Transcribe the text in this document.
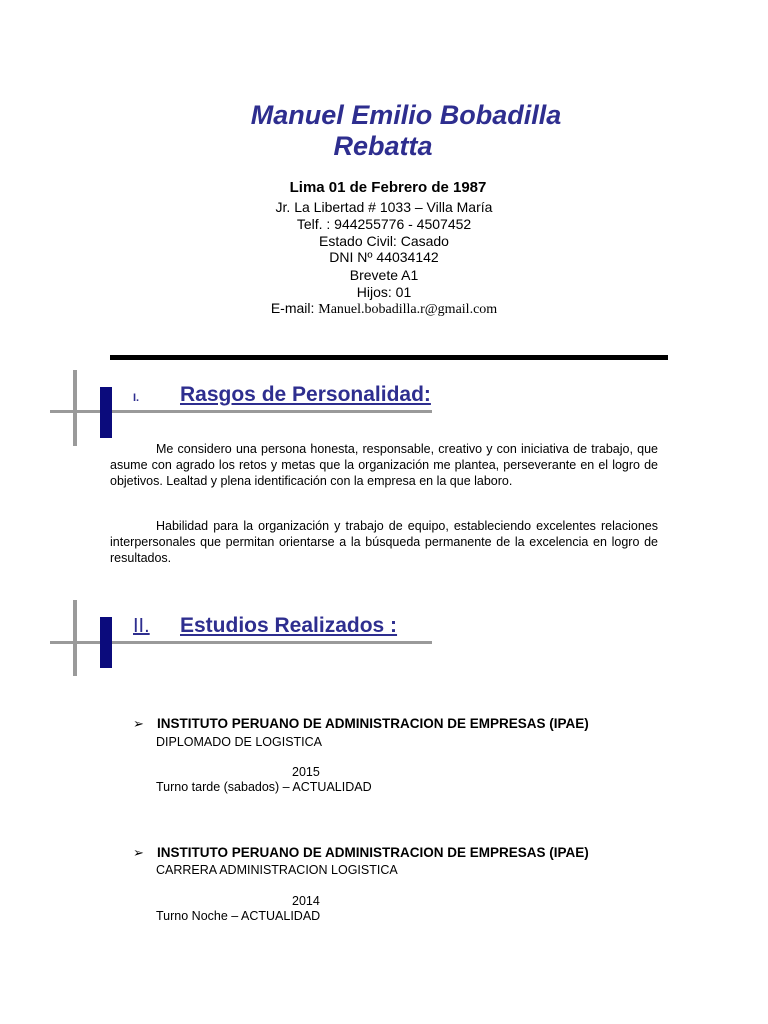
Manuel Emilio Bobadilla
Rebatta
Lima 01 de Febrero de 1987
Jr. La Libertad # 1033 – Villa María
Telf. : 944255776 - 4507452
Estado Civil: Casado
DNI Nº 44034142
Brevete A1
Hijos: 01
E-mail: Manuel.bobadilla.r@gmail.com
I. Rasgos de Personalidad:

Me considero una persona honesta, responsable, creativo y con iniciativa de trabajo, que asume con agrado los retos y metas que la organización me plantea, perseverante en el logro de objetivos. Lealtad y plena identificación con la empresa en la que laboro.

Habilidad para la organización y trabajo de equipo, estableciendo excelentes relaciones interpersonales que permitan orientarse a la búsqueda permanente de la excelencia en logro de resultados.

II. Estudios Realizados :
➢ INSTITUTO PERUANO DE ADMINISTRACION DE EMPRESAS (IPAE)
DIPLOMADO DE LOGISTICA
2015
Turno tarde (sabados) – ACTUALIDAD
➢ INSTITUTO PERUANO DE ADMINISTRACION DE EMPRESAS (IPAE)
CARRERA ADMINISTRACION LOGISTICA
2014
Turno Noche – ACTUALIDAD
